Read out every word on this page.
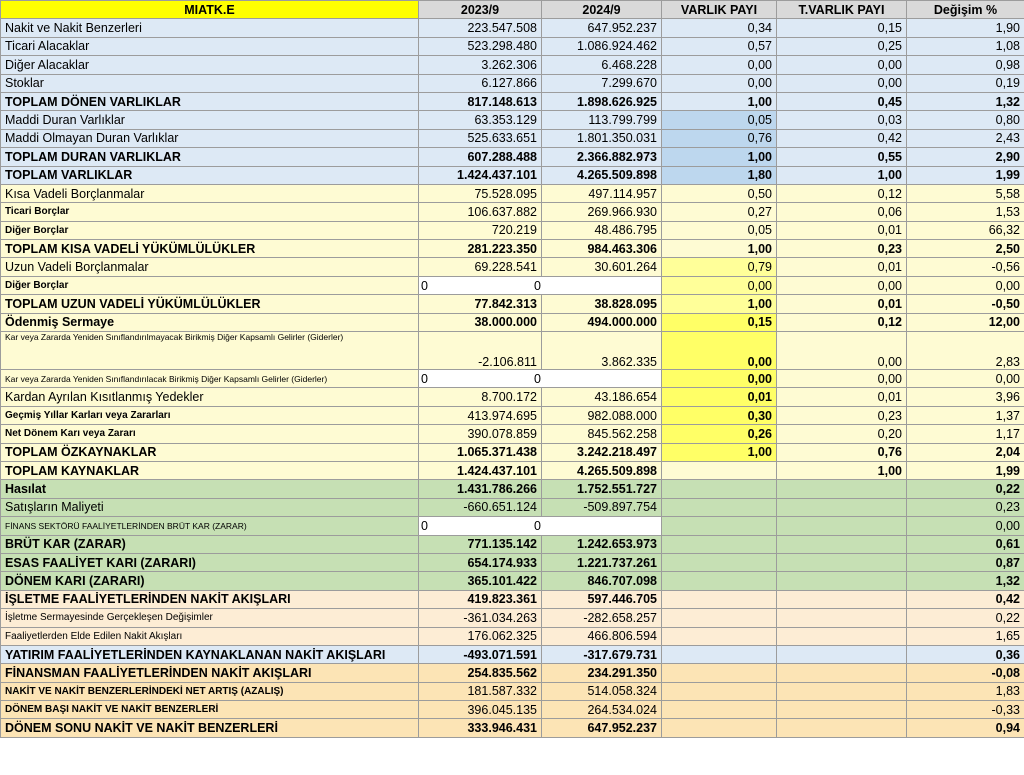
MIATK.E	2023/9	2024/9	VARLIK PAYI	T.VARLIK PAYI	Değişim %
Nakit ve Nakit Benzerleri	223.547.508	647.952.237	0,34	0,15	1,90
Ticari Alacaklar	523.298.480	1.086.924.462	0,57	0,25	1,08
Diğer Alacaklar	3.262.306	6.468.228	0,00	0,00	0,98
Stoklar	6.127.866	7.299.670	0,00	0,00	0,19
TOPLAM DÖNEN VARLIKLAR	817.148.613	1.898.626.925	1,00	0,45	1,32
Maddi Duran Varlıklar	63.353.129	113.799.799	0,05	0,03	0,80
Maddi Olmayan Duran Varlıklar	525.633.651	1.801.350.031	0,76	0,42	2,43
TOPLAM DURAN VARLIKLAR	607.288.488	2.366.882.973	1,00	0,55	2,90
TOPLAM VARLIKLAR	1.424.437.101	4.265.509.898	1,80	1,00	1,99
Kısa Vadeli Borçlanmalar	75.528.095	497.114.957	0,50	0,12	5,58
Ticari Borçlar	106.637.882	269.966.930	0,27	0,06	1,53
Diğer Borçlar	720.219	48.486.795	0,05	0,01	66,32
TOPLAM KISA VADELİ YÜKÜMLÜLÜKLER	281.223.350	984.463.306	1,00	0,23	2,50
Uzun Vadeli Borçlanmalar	69.228.541	30.601.264	0,79	0,01	-0,56
Diğer Borçlar	0 0		0,00	0,00	0,00
TOPLAM UZUN VADELİ YÜKÜMLÜLÜKLER	77.842.313	38.828.095	1,00	0,01	-0,50
Ödenmiş Sermaye	38.000.000	494.000.000	0,15	0,12	12,00
Kar veya Zararda Yeniden Sınıflandırılmayacak Birikmiş Diğer Kapsamlı Gelirler (Giderler)	-2.106.811	3.862.335	0,00	0,00	2,83
Kar veya Zararda Yeniden Sınıflandırılacak Birikmiş Diğer Kapsamlı Gelirler (Giderler)	0 0		0,00	0,00	0,00
Kardan Ayrılan Kısıtlanmış Yedekler	8.700.172	43.186.654	0,01	0,01	3,96
Geçmiş Yıllar Karları veya Zararları	413.974.695	982.088.000	0,30	0,23	1,37
Net Dönem Karı veya Zararı	390.078.859	845.562.258	0,26	0,20	1,17
TOPLAM ÖZKAYNAKLAR	1.065.371.438	3.242.218.497	1,00	0,76	2,04
TOPLAM KAYNAKLAR	1.424.437.101	4.265.509.898		1,00	1,99
Hasılat	1.431.786.266	1.752.551.727			0,22
Satışların Maliyeti	-660.651.124	-509.897.754			0,23
FİNANS SEKTÖRÜ FAALİYETLERİNDEN BRÜT KAR (ZARAR)	0 0				0,00
BRÜT KAR (ZARAR)	771.135.142	1.242.653.973			0,61
ESAS FAALİYET KARI (ZARARI)	654.174.933	1.221.737.261			0,87
DÖNEM KARI (ZARARI)	365.101.422	846.707.098			1,32
İŞLETME FAALİYETLERİNDEN NAKİT AKIŞLARI	419.823.361	597.446.705			0,42
İşletme Sermayesinde Gerçekleşen Değişimler	-361.034.263	-282.658.257			0,22
Faaliyetlerden Elde Edilen Nakit Akışları	176.062.325	466.806.594			1,65
YATIRIM FAALİYETLERİNDEN KAYNAKLANAN NAKİT AKIŞLARI	-493.071.591	-317.679.731			0,36
FİNANSMAN FAALİYETLERİNDEN NAKİT AKIŞLARI	254.835.562	234.291.350			-0,08
NAKİT VE NAKİT BENZERLERİNDEKİ NET ARTIŞ (AZALIŞ)	181.587.332	514.058.324			1,83
DÖNEM BAŞI NAKİT VE NAKİT BENZERLERİ	396.045.135	264.534.024			-0,33
DÖNEM SONU NAKİT VE NAKİT BENZERLERİ	333.946.431	647.952.237			0,94
